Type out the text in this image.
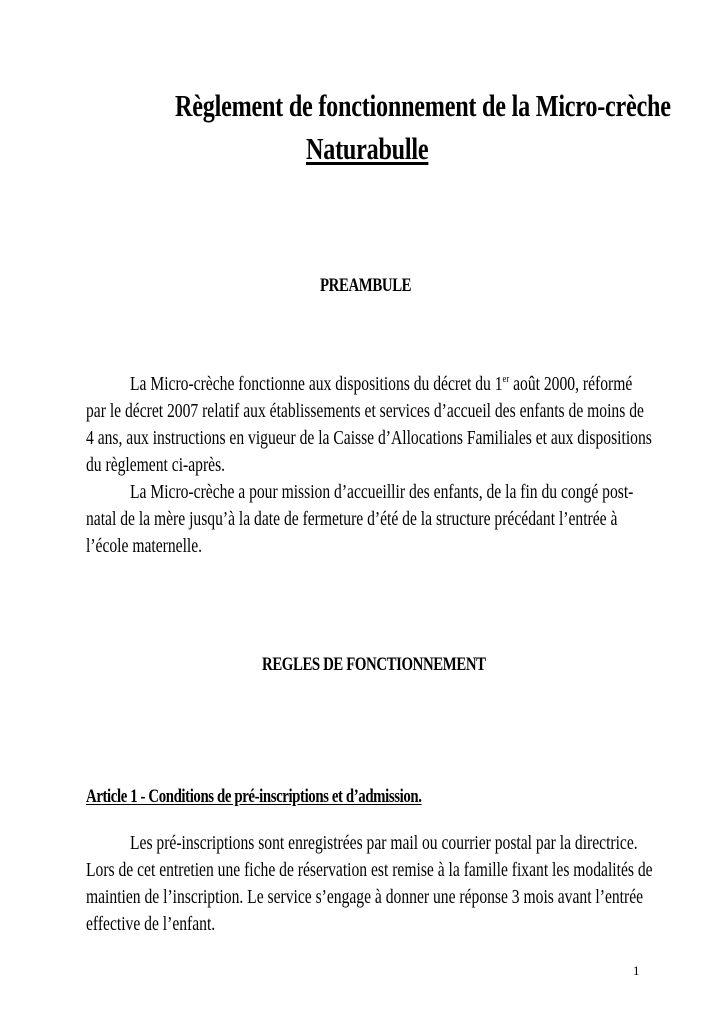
Règlement de fonctionnement de la Micro-crèche
Naturabulle
PREAMBULE
La Micro-crèche fonctionne aux dispositions du décret du 1er août 2000, réformé
par le décret 2007 relatif aux établissements et services d’accueil des enfants de moins de
4 ans, aux instructions en vigueur de la Caisse d’Allocations Familiales et aux dispositions
du règlement ci-après.
La Micro-crèche a pour mission d’accueillir des enfants, de la fin du congé post-
natal de la mère jusqu’à la date de fermeture d’été de la structure précédant l’entrée à
l’école maternelle.
REGLES DE FONCTIONNEMENT
Article 1 - Conditions de pré-inscriptions et d’admission.
Les pré-inscriptions sont enregistrées par mail ou courrier postal par la directrice.
Lors de cet entretien une fiche de réservation est remise à la famille fixant les modalités de
maintien de l’inscription. Le service s’engage à donner une réponse 3 mois avant l’entrée
effective de l’enfant.
1
